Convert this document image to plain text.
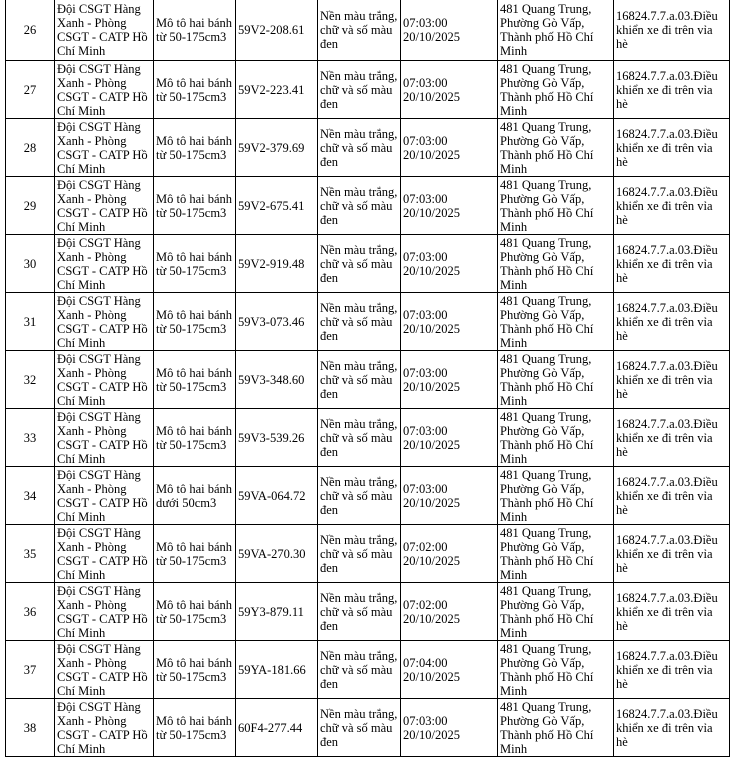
26	Đội CSGT Hàng
Xanh - Phòng
CSGT - CATP Hồ
Chí Minh	Mô tô hai bánh
từ 50-175cm3	59V2-208.61	Nền màu trắng,
chữ và số màu
đen	07:03:00
20/10/2025	481 Quang Trung,
Phường Gò Vấp,
Thành phố Hồ Chí
Minh	16824.7.7.a.03.Điều
khiển xe đi trên vỉa
hè
27	Đội CSGT Hàng
Xanh - Phòng
CSGT - CATP Hồ
Chí Minh	Mô tô hai bánh
từ 50-175cm3	59V2-223.41	Nền màu trắng,
chữ và số màu
đen	07:03:00
20/10/2025	481 Quang Trung,
Phường Gò Vấp,
Thành phố Hồ Chí
Minh	16824.7.7.a.03.Điều
khiển xe đi trên vỉa
hè
28	Đội CSGT Hàng
Xanh - Phòng
CSGT - CATP Hồ
Chí Minh	Mô tô hai bánh
từ 50-175cm3	59V2-379.69	Nền màu trắng,
chữ và số màu
đen	07:03:00
20/10/2025	481 Quang Trung,
Phường Gò Vấp,
Thành phố Hồ Chí
Minh	16824.7.7.a.03.Điều
khiển xe đi trên vỉa
hè
29	Đội CSGT Hàng
Xanh - Phòng
CSGT - CATP Hồ
Chí Minh	Mô tô hai bánh
từ 50-175cm3	59V2-675.41	Nền màu trắng,
chữ và số màu
đen	07:03:00
20/10/2025	481 Quang Trung,
Phường Gò Vấp,
Thành phố Hồ Chí
Minh	16824.7.7.a.03.Điều
khiển xe đi trên vỉa
hè
30	Đội CSGT Hàng
Xanh - Phòng
CSGT - CATP Hồ
Chí Minh	Mô tô hai bánh
từ 50-175cm3	59V2-919.48	Nền màu trắng,
chữ và số màu
đen	07:03:00
20/10/2025	481 Quang Trung,
Phường Gò Vấp,
Thành phố Hồ Chí
Minh	16824.7.7.a.03.Điều
khiển xe đi trên vỉa
hè
31	Đội CSGT Hàng
Xanh - Phòng
CSGT - CATP Hồ
Chí Minh	Mô tô hai bánh
từ 50-175cm3	59V3-073.46	Nền màu trắng,
chữ và số màu
đen	07:03:00
20/10/2025	481 Quang Trung,
Phường Gò Vấp,
Thành phố Hồ Chí
Minh	16824.7.7.a.03.Điều
khiển xe đi trên vỉa
hè
32	Đội CSGT Hàng
Xanh - Phòng
CSGT - CATP Hồ
Chí Minh	Mô tô hai bánh
từ 50-175cm3	59V3-348.60	Nền màu trắng,
chữ và số màu
đen	07:03:00
20/10/2025	481 Quang Trung,
Phường Gò Vấp,
Thành phố Hồ Chí
Minh	16824.7.7.a.03.Điều
khiển xe đi trên vỉa
hè
33	Đội CSGT Hàng
Xanh - Phòng
CSGT - CATP Hồ
Chí Minh	Mô tô hai bánh
từ 50-175cm3	59V3-539.26	Nền màu trắng,
chữ và số màu
đen	07:03:00
20/10/2025	481 Quang Trung,
Phường Gò Vấp,
Thành phố Hồ Chí
Minh	16824.7.7.a.03.Điều
khiển xe đi trên vỉa
hè
34	Đội CSGT Hàng
Xanh - Phòng
CSGT - CATP Hồ
Chí Minh	Mô tô hai bánh
dưới 50cm3	59VA-064.72	Nền màu trắng,
chữ và số màu
đen	07:03:00
20/10/2025	481 Quang Trung,
Phường Gò Vấp,
Thành phố Hồ Chí
Minh	16824.7.7.a.03.Điều
khiển xe đi trên vỉa
hè
35	Đội CSGT Hàng
Xanh - Phòng
CSGT - CATP Hồ
Chí Minh	Mô tô hai bánh
từ 50-175cm3	59VA-270.30	Nền màu trắng,
chữ và số màu
đen	07:02:00
20/10/2025	481 Quang Trung,
Phường Gò Vấp,
Thành phố Hồ Chí
Minh	16824.7.7.a.03.Điều
khiển xe đi trên vỉa
hè
36	Đội CSGT Hàng
Xanh - Phòng
CSGT - CATP Hồ
Chí Minh	Mô tô hai bánh
từ 50-175cm3	59Y3-879.11	Nền màu trắng,
chữ và số màu
đen	07:02:00
20/10/2025	481 Quang Trung,
Phường Gò Vấp,
Thành phố Hồ Chí
Minh	16824.7.7.a.03.Điều
khiển xe đi trên vỉa
hè
37	Đội CSGT Hàng
Xanh - Phòng
CSGT - CATP Hồ
Chí Minh	Mô tô hai bánh
từ 50-175cm3	59YA-181.66	Nền màu trắng,
chữ và số màu
đen	07:04:00
20/10/2025	481 Quang Trung,
Phường Gò Vấp,
Thành phố Hồ Chí
Minh	16824.7.7.a.03.Điều
khiển xe đi trên vỉa
hè
38	Đội CSGT Hàng
Xanh - Phòng
CSGT - CATP Hồ
Chí Minh	Mô tô hai bánh
từ 50-175cm3	60F4-277.44	Nền màu trắng,
chữ và số màu
đen	07:03:00
20/10/2025	481 Quang Trung,
Phường Gò Vấp,
Thành phố Hồ Chí
Minh	16824.7.7.a.03.Điều
khiển xe đi trên vỉa
hè
